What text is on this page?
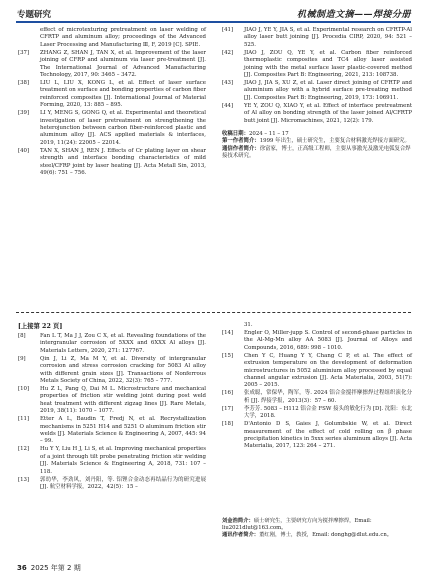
专题研究	机械制造文摘——焊接分册
effect of microtexturing pretreatment on laser welding of CFRTP and aluminum alloy; proceedings of the Advanced Laser Processing and Manufacturing Ⅲ, F, 2019 [C]. SPIE.
[37] ZHANG Z, SHAN J, TAN X, et al. Improvement of the laser joining of CFRP and aluminum via laser pre-treatment [J]. The International Journal of Advanced Manufacturing Technology, 2017, 90: 3465 – 3472.
[38] LIU L, LIU X, KONG L, et al. Effect of laser surface treatment on surface and bonding properties of carbon fiber reinforced composites [J]. International Journal of Material Forming, 2020, 13: 885 – 895.
[39] LI Y, MENG S, GONG Q, et al. Experimental and theoretical investigation of laser pretreatment on strengthening the heterojunction between carbon fiber-reinforced plastic and aluminum alloy [J]. ACS applied materials & interfaces, 2019, 11(24): 22005 – 22014.
[40] TAN X, SHAN J, REN J. Effects of Cr plating layer on shear strength and interface bonding characteristics of mild steel/CFRP joint by laser heating [J]. Acta Metall Sin, 2013, 49(6): 751 – 756.
[41] JIAO J, YE Y, JIA S, et al. Experimental research on CFRTP-Al alloy laser butt joining [J]. Procedia CIRP, 2020, 94: 521 – 525.
[42] JIAO J, ZOU Q, YE Y, et al. Carbon fiber reinforced thermoplastic composites and TC4 alloy laser assisted joining with the metal surface laser plastic-covered method [J]. Composites Part B: Engineering, 2021, 213: 108738.
[43] JIAO J, JIA S, XU Z, et al. Laser direct joining of CFRTP and aluminium alloy with a hybrid surface pre-treating method [J]. Composites Part B: Engineering, 2019, 173: 106911.
[44] YE Y, ZOU Q, XIAO Y, et al. Effect of interface pretreatment of Al alloy on bonding strength of the laser joined Al/CFRTP butt joint [J]. Micromachines, 2021, 12(2): 179.

收稿日期：2024 – 11 – 17

第一作者简介：1999 年出生，硕士研究生，主要复合材料激光焊接方面研究。

通信作者简介：徐富家，博士，正高级工程师，主要从事激光及激光电弧复合焊接技术研究。

[上接第 22 页]
[8]	Fan L T, Ma J J, Zou C X, et al. Revealing foundations of the intergranular corrosion of 5XXX and 6XXX Al alloys [J]. Materials Letters, 2020, 271: 127767.
[9]	Qin J, Li Z, Ma M Y, et al. Diversity of intergranular corrosion and stress corrosion cracking for 5083 Al alloy with different grain sizes [J]. Transactions of Nonferrous Metals Society of China, 2022, 32(3): 765 – 777.
[10] Hu Z L, Pang Q, Dai M L. Microstructure and mechanical properties of friction stir welding joint during post weld heat treatment with different zigzag lines [J]. Rare Metals, 2019, 38(11): 1070 – 1077.
[11] Etter A L, Baudin T, Fredj N, et al. Recrystallization mechanisms in 5251 H14 and 5251 O aluminum friction stir welds [J]. Materials Science & Engineering A, 2007, 445: 94 – 99.
[12] Hu Y Y, Liu H J, Li S, et al. Improving mechanical properties of a joint through tilt probe penetrating friction stir welding [J]. Materials Science & Engineering A, 2018, 731: 107 – 118.
[13] 郭幼华，李劲风，刘丹阳，等. 铝锂合金动态再结晶行为的研究进展 [J]. 航空材料学报，2022，42(5)：15 –
31.
[14] Engler O, Miller-jupp S. Control of second-phase particles in the Al-Mg-Mn alloy AA 5083 [J]. Journal of Alloys and Compounds, 2016, 689: 998 – 1010.
[15] Chen Y C, Huang Y Y, Chang C P, et al. The effect of extrusion temperature on the development of deformation microstructures in 5052 aluminium alloy processed by equal channel angular extrusion [J]. Acta Materialia, 2003, 51(7): 2005 – 2015.
[16] 张成聪，常保华，陶军，等. 2024 铝合金搅拌摩擦焊过程组织演化分析 [J]. 焊接学报，2013(3)：57 – 60.
[17] 李芳芳. 5083 – H112 铝合金 FSW 接头的敏化行为 [D]. 沈阳：东北大学，2018.
[18] D'Antonio D S, Gaies J, Golumbskie W, et al. Direct measurement of the effect of cold rolling on β phase precipitation kinetics in 5xxx series aluminum alloys [J]. Acta Materialia, 2017, 123: 264 – 271.

刘金浩简介：硕士研究生，主要研究方向为搅拌摩擦焊，Email: liu2021dlut@163.com。

通讯作者简介：董红刚，博士，教授，Email: donghg@dlut.edu.cn。

36 2025 年第 2 期
